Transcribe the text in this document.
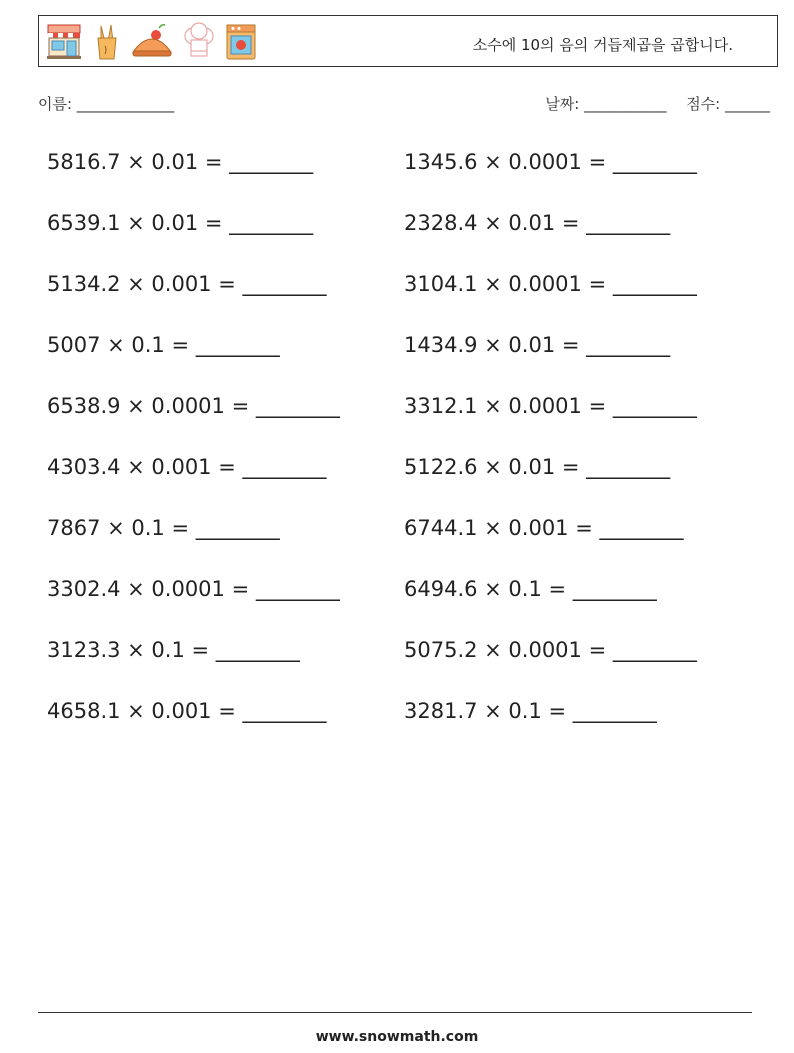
소수에 10의 음의 거듭제곱을 곱합니다.
이름: _____________	날짜: ___________ 점수: ______
5816.7 × 0.01 = ________
6539.1 × 0.01 = ________
5134.2 × 0.001 = ________
5007 × 0.1 = ________
6538.9 × 0.0001 = ________
4303.4 × 0.001 = ________
7867 × 0.1 = ________
3302.4 × 0.0001 = ________
3123.3 × 0.1 = ________
4658.1 × 0.001 = ________
1345.6 × 0.0001 = ________
2328.4 × 0.01 = ________
3104.1 × 0.0001 = ________
1434.9 × 0.01 = ________
3312.1 × 0.0001 = ________
5122.6 × 0.01 = ________
6744.1 × 0.001 = ________
6494.6 × 0.1 = ________
5075.2 × 0.0001 = ________
3281.7 × 0.1 = ________
www.snowmath.com
